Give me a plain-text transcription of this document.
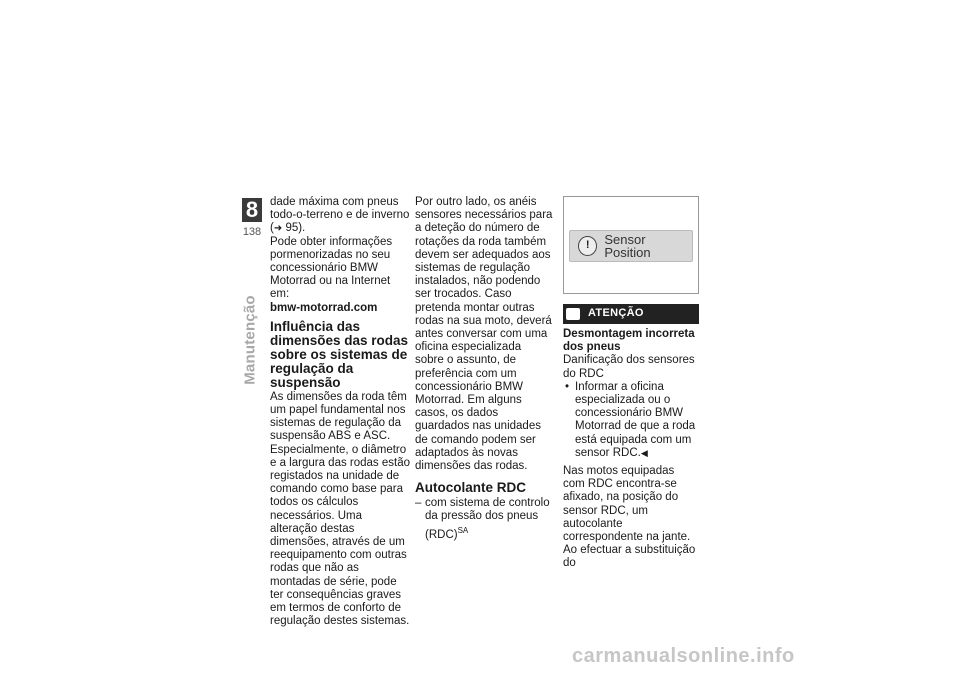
8
138
Manutenção

dade máxima com pneus todo-o-terreno e de inverno (➜ 95).

Pode obter informações pormenorizadas no seu concessionário BMW Motorrad ou na Internet em:

bmw-motorrad.com

Influência das dimensões das rodas sobre os sistemas de regulação da suspensão

As dimensões da roda têm um papel fundamental nos sistemas de regulação da suspensão ABS e ASC. Especialmente, o diâmetro e a largura das rodas estão registados na unidade de comando como base para todos os cálculos necessários. Uma alteração destas dimensões, através de um reequipamento com outras rodas que não as montadas de série, pode ter consequências graves em termos de conforto de regulação destes sistemas.

Por outro lado, os anéis sensores necessários para a deteção do número de rotações da roda também devem ser adequados aos sistemas de regulação instalados, não podendo ser trocados. Caso pretenda montar outras rodas na sua moto, deverá antes conversar com uma oficina especializada sobre o assunto, de preferência com um concessionário BMW Motorrad. Em alguns casos, os dados guardados nas unidades de comando podem ser adaptados às novas dimensões das rodas.

Autocolante RDC
– com sistema de controlo da pressão dos pneus (RDC)$^{SA}$
!	Sensor Position
ATENÇÃO

Desmontagem incorreta dos pneus

Danificação dos sensores do RDC

• Informar a oficina especializada ou o concessionário BMW Motorrad de que a roda está equipada com um sensor RDC.◀

Nas motos equipadas com RDC encontra-se afixado, na posição do sensor RDC, um autocolante correspondente na jante. Ao efectuar a substituição do

carmanualsonline.info
